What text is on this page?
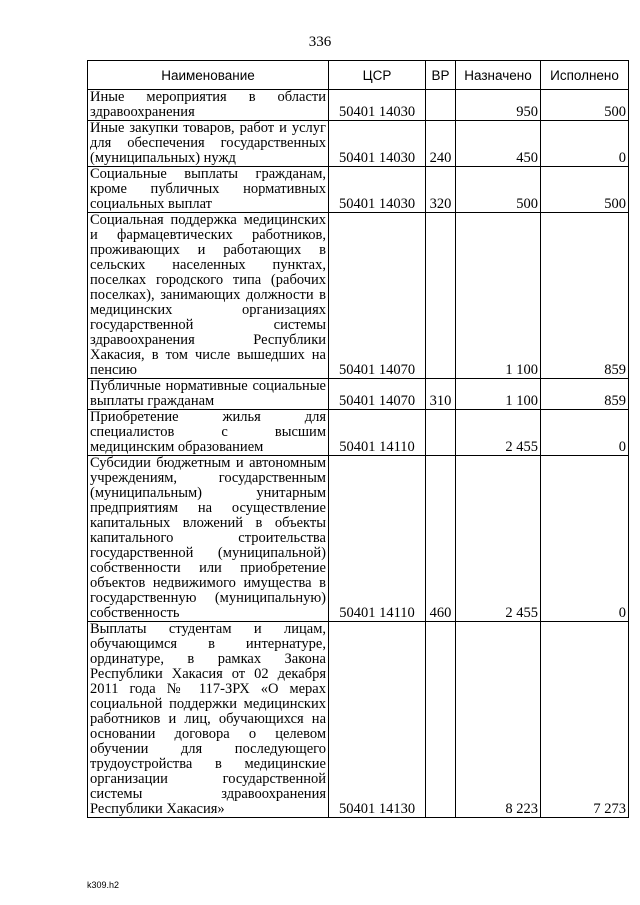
336
Наименование	ЦСР	ВР	Назначено	Исполнено
Иные мероприятия в области здравоохранения	50401 14030		950	500
Иные закупки товаров, работ и услуг для обеспечения государственных (муниципальных) нужд	50401 14030	240	450	0
Социальные выплаты гражданам, кроме публичных нормативных социальных выплат	50401 14030	320	500	500
Социальная поддержка медицинских и фармацевтических работников, проживающих и работающих в сельских населенных пунктах, поселках городского типа (рабочих поселках), занимающих должности в медицинских организациях государственной системы здравоохранения Республики Хакасия, в том числе вышедших на пенсию	50401 14070		1 100	859
Публичные нормативные социальные выплаты гражданам	50401 14070	310	1 100	859
Приобретение жилья для специалистов с высшим медицинским образованием	50401 14110		2 455	0
Субсидии бюджетным и автономным учреждениям, государственным (муниципальным) унитарным предприятиям на осуществление капитальных вложений в объекты капитального строительства государственной (муниципальной) собственности или приобретение объектов недвижимого имущества в государственную (муниципальную) собственность	50401 14110	460	2 455	0
Выплаты студентам и лицам, обучающимся в интернатуре, ординатуре, в рамках Закона Республики Хакасия от 02 декабря 2011 года № 117-ЗРХ «О мерах социальной поддержки медицинских работников и лиц, обучающихся на основании договора о целевом обучении для последующего трудоустройства в медицинские организации государственной системы здравоохранения Республики Хакасия»	50401 14130		8 223	7 273
k309.h2
